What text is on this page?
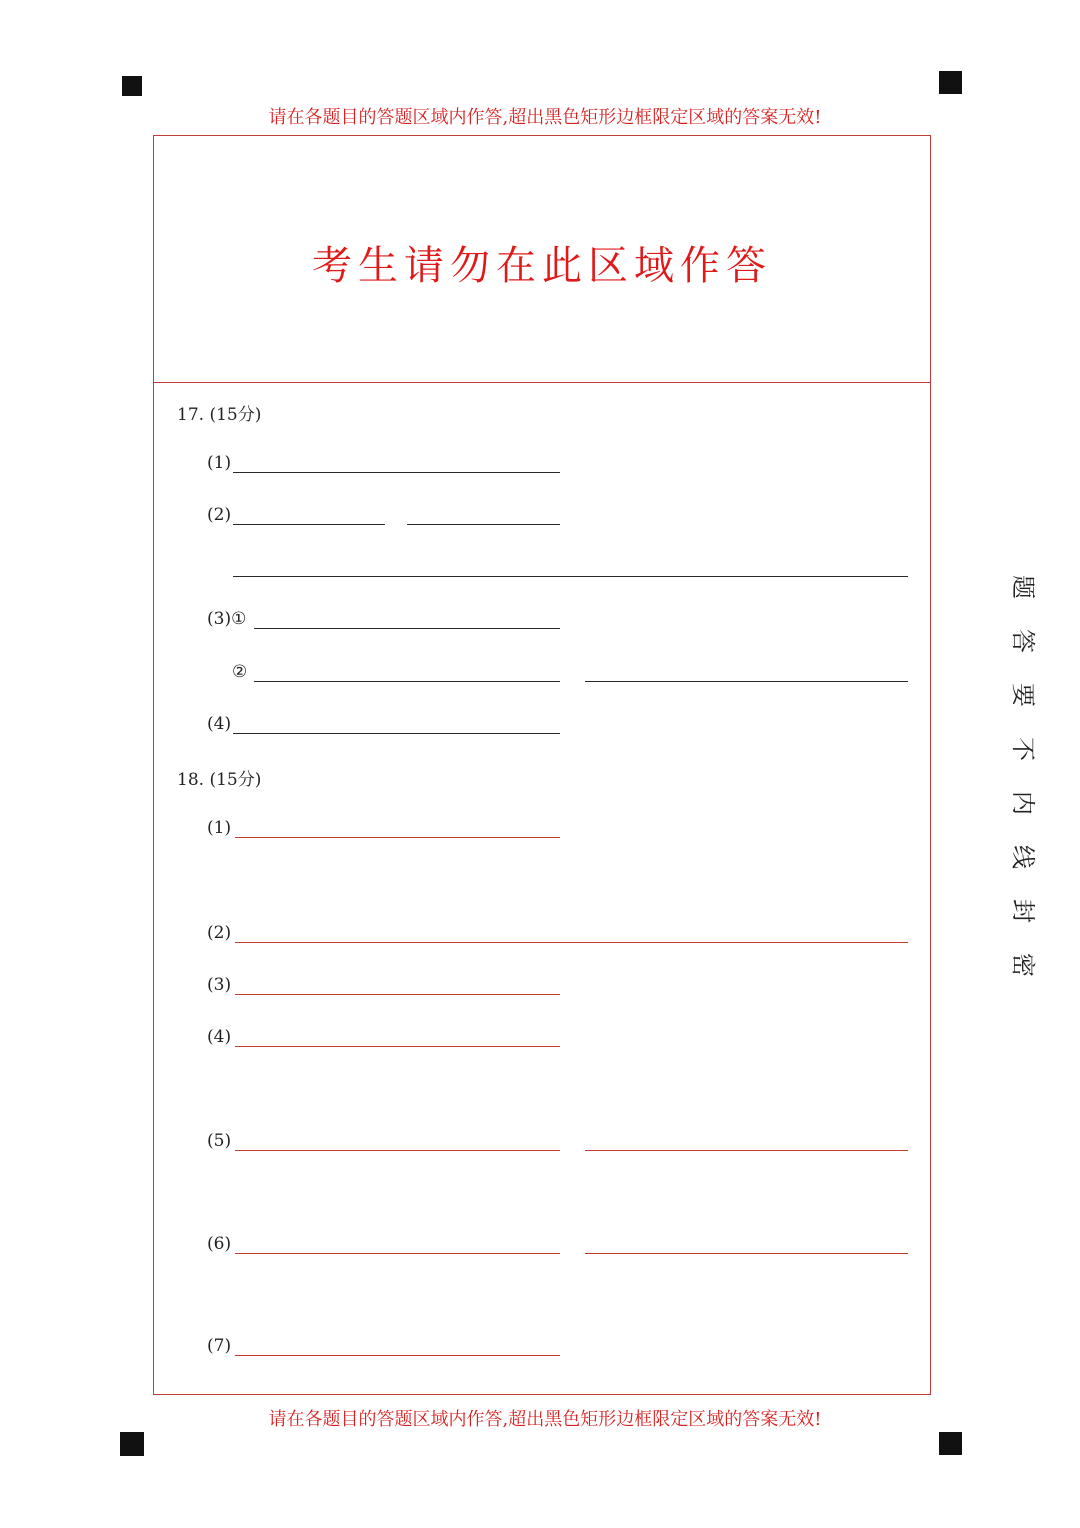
请在各题目的答题区域内作答,超出黑色矩形边框限定区域的答案无效!
考生请勿在此区域作答
17. (15分)
(1)
(2)
(3)①
②
(4)
18. (15分)
(1)
(2)
(3)
(4)
(5)
(6)
(7)
请在各题目的答题区域内作答,超出黑色矩形边框限定区域的答案无效!
题
答
要
不
内
线
封
密
